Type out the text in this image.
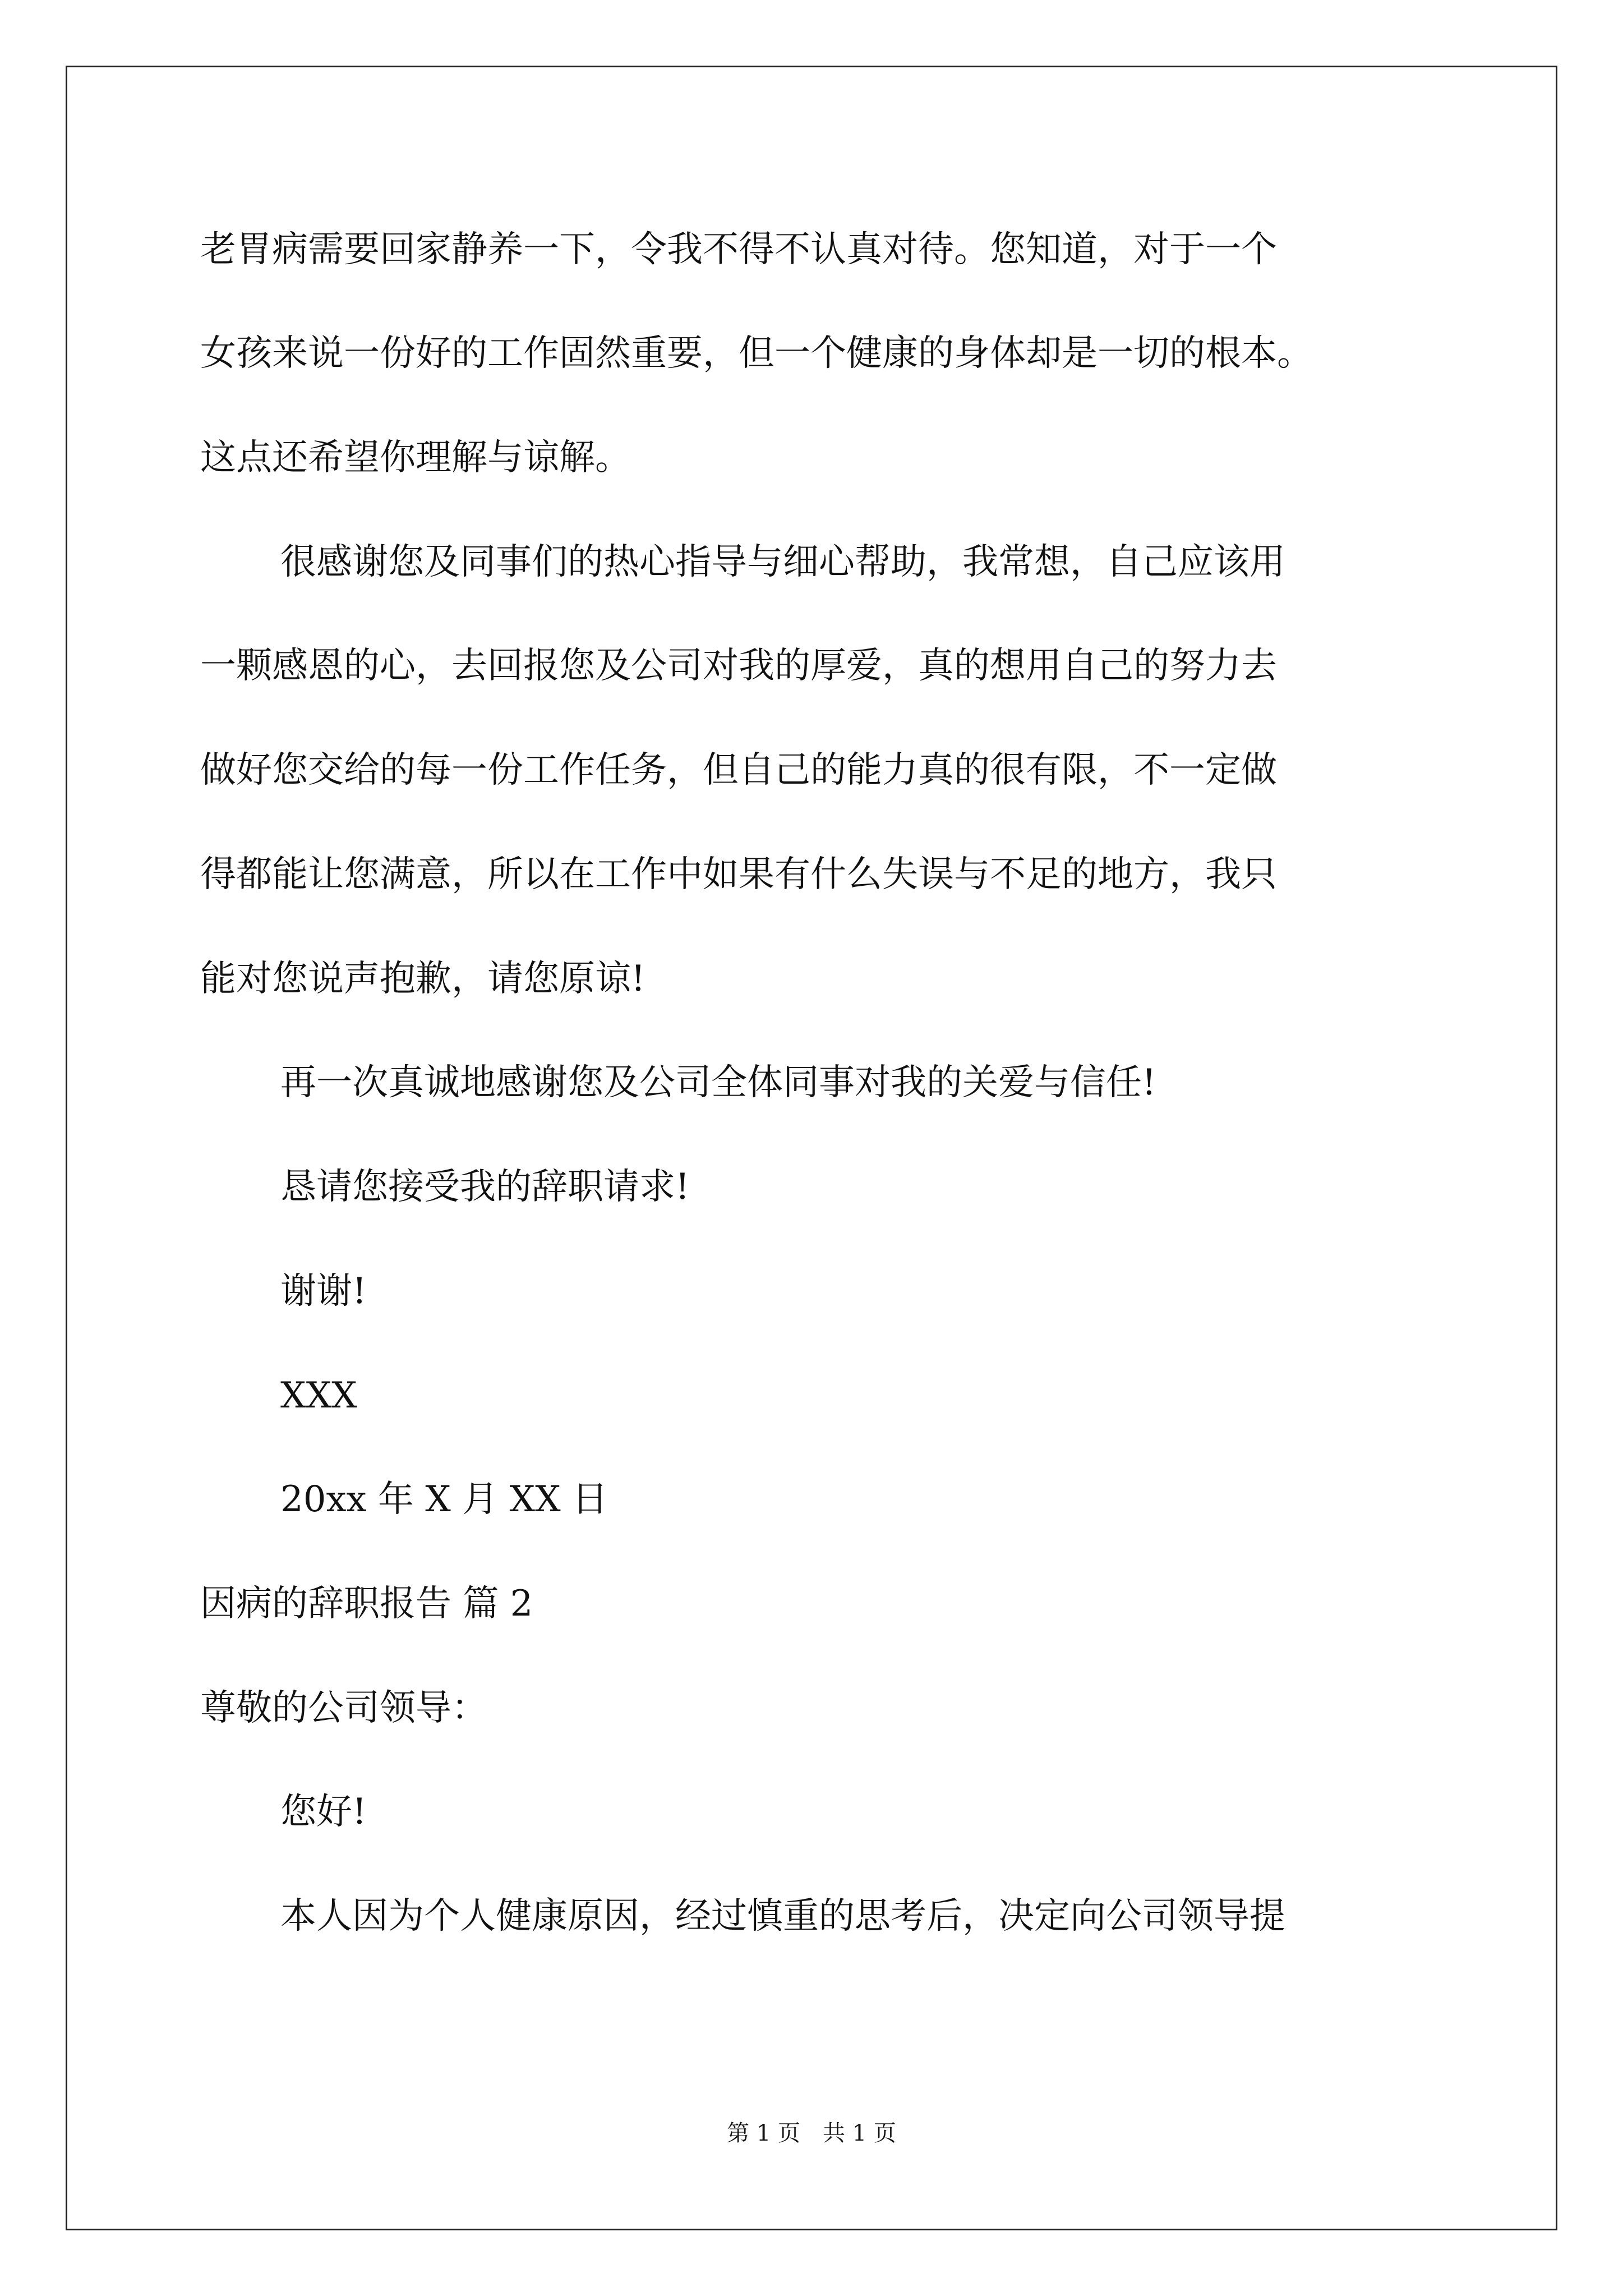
老胃病需要回家静养一下，令我不得不认真对待。您知道，对于一个
女孩来说一份好的工作固然重要，但一个健康的身体却是一切的根本。
这点还希望你理解与谅解。
很感谢您及同事们的热心指导与细心帮助，我常想，自己应该用
一颗感恩的心，去回报您及公司对我的厚爱，真的想用自己的努力去
做好您交给的每一份工作任务，但自己的能力真的很有限，不一定做
得都能让您满意，所以在工作中如果有什么失误与不足的地方，我只
能对您说声抱歉，请您原谅!
再一次真诚地感谢您及公司全体同事对我的关爱与信任!
恳请您接受我的辞职请求!
谢谢!
XXX
20xx 年 X 月 XX 日
因病的辞职报告 篇 2
尊敬的公司领导：
您好!
本人因为个人健康原因，经过慎重的思考后，决定向公司领导提
第 1 页　共 1 页
